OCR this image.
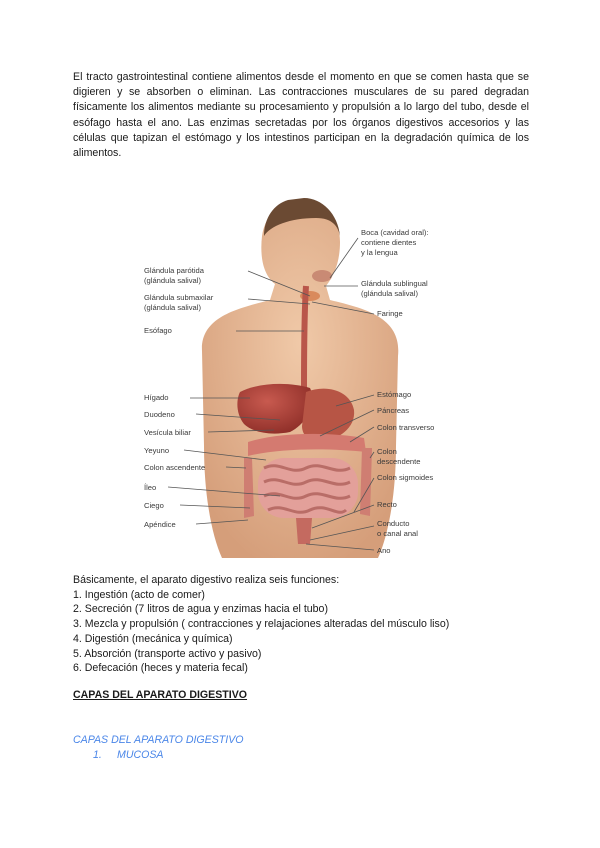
El tracto gastrointestinal contiene alimentos desde el momento en que se comen hasta que se digieren y se absorben o eliminan. Las contracciones musculares de su pared degradan físicamente los alimentos mediante su procesamiento y propulsión a lo largo del tubo, desde el esófago hasta el ano. Las enzimas secretadas por los órganos digestivos accesorios y las células que tapizan el estómago y los intestinos participan en la degradación química de los alimentos.

Glándula parótida
(glándula salival)
Glándula submaxilar
(glándula salival)
Esófago
Hígado
Duodeno
Vesícula biliar
Yeyuno
Colon ascendente
Íleo
Ciego
Apéndice
Boca (cavidad oral):
contiene dientes
y la lengua
Glándula sublingual
(glándula salival)
Faringe
Estómago
Páncreas
Colon transverso
Colon
descendente
Colon sigmoides
Recto
Conducto
o canal anal
Ano

Básicamente, el aparato digestivo realiza seis funciones:

1. Ingestión (acto de comer)
2. Secreción (7 litros de agua y enzimas hacia el tubo)
3. Mezcla y propulsión ( contracciones y relajaciones alteradas del músculo liso)
4. Digestión (mecánica y química)
5. Absorción (transporte activo y pasivo)
6. Defecación (heces y materia fecal)

CAPAS DEL APARATO DIGESTIVO

CAPAS DEL APARATO DIGESTIVO

1. MUCOSA
